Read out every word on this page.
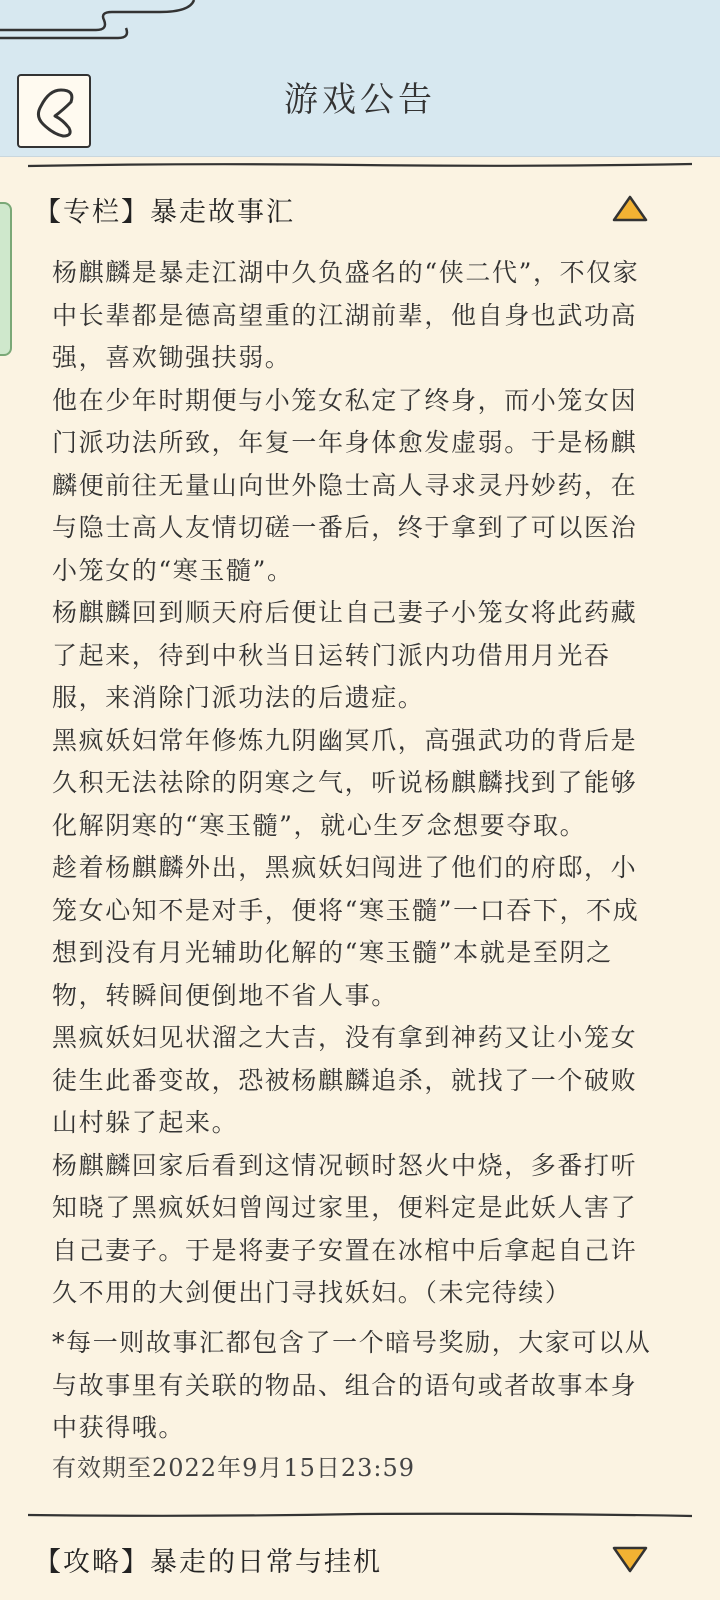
游戏公告
【专栏】暴走故事汇

杨麒麟是暴走江湖中久负盛名的“侠二代”，不仅家中长辈都是德高望重的江湖前辈，他自身也武功高强，喜欢锄强扶弱。

他在少年时期便与小笼女私定了终身，而小笼女因门派功法所致，年复一年身体愈发虚弱。于是杨麒麟便前往无量山向世外隐士高人寻求灵丹妙药，在与隐士高人友情切磋一番后，终于拿到了可以医治小笼女的“寒玉髓”。

杨麒麟回到顺天府后便让自己妻子小笼女将此药藏了起来，待到中秋当日运转门派内功借用月光吞服，来消除门派功法的后遗症。

黑疯妖妇常年修炼九阴幽冥爪，高强武功的背后是久积无法祛除的阴寒之气，听说杨麒麟找到了能够化解阴寒的“寒玉髓”，就心生歹念想要夺取。

趁着杨麒麟外出，黑疯妖妇闯进了他们的府邸，小笼女心知不是对手，便将“寒玉髓”一口吞下，不成想到没有月光辅助化解的“寒玉髓”本就是至阴之物，转瞬间便倒地不省人事。

黑疯妖妇见状溜之大吉，没有拿到神药又让小笼女徒生此番变故，恐被杨麒麟追杀，就找了一个破败山村躲了起来。

杨麒麟回家后看到这情况顿时怒火中烧，多番打听知晓了黑疯妖妇曾闯过家里，便料定是此妖人害了自己妻子。于是将妻子安置在冰棺中后拿起自己许久不用的大剑便出门寻找妖妇。（未完待续）

*每一则故事汇都包含了一个暗号奖励，大家可以从与故事里有关联的物品、组合的语句或者故事本身中获得哦。

有效期至2022年9月15日23:59
【攻略】暴走的日常与挂机
